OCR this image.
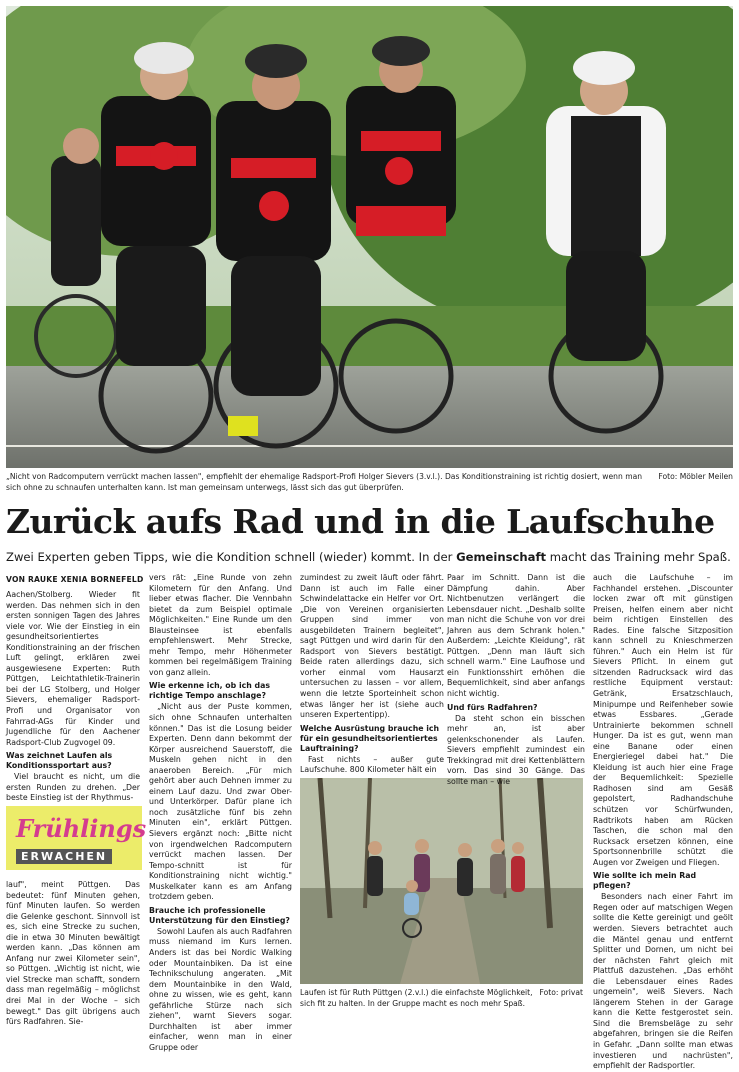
Foto: Möbler Meilen
„Nicht von Radcomputern verrückt machen lassen", empfiehlt der ehemalige Radsport-Profi Holger Sievers (3.v.l.). Das Konditionstraining ist richtig dosiert, wenn man sich ohne zu schnaufen unterhalten kann. Ist man gemeinsam unterwegs, lässt sich das gut überprüfen.
Zurück aufs Rad und in die Laufschuhe
Zwei Experten geben Tipps, wie die Kondition schnell (wieder) kommt. In der Gemeinschaft macht das Training mehr Spaß.
VON RAUKE XENIA BORNEFELD

Aachen/Stolberg. Wieder fit werden. Das nehmen sich in den ersten sonnigen Tagen des Jahres viele vor. Wie der Einstieg in ein gesundheitsorientiertes Konditionstraining an der frischen Luft gelingt, erklären zwei ausgewiesene Experten: Ruth Püttgen, Leichtathletik-Trainerin bei der LG Stolberg, und Holger Sievers, ehemaliger Radsport-Profi und Organisator von Fahrrad-AGs für Kinder und Jugendliche für den Aachener Radsport-Club Zugvogel 09.

Was zeichnet Laufen als Konditionssportart aus?

Viel braucht es nicht, um die ersten Runden zu drehen. „Der beste Einstieg ist der Rhythmus-

Frühlings
ERWACHEN

lauf", meint Püttgen. Das bedeutet: fünf Minuten gehen, fünf Minuten laufen. So werden die Gelenke geschont. Sinnvoll ist es, sich eine Strecke zu suchen, die in etwa 30 Minuten bewältigt werden kann. „Das können am Anfang nur zwei Kilometer sein", so Püttgen. „Wichtig ist nicht, wie viel Strecke man schafft, sondern dass man regelmäßig – möglichst drei Mal in der Woche – sich bewegt." Das gilt übrigens auch fürs Radfahren. Sie-

vers rät: „Eine Runde von zehn Kilometern für den Anfang. Und lieber etwas flacher. Die Vennbahn bietet da zum Beispiel optimale Möglichkeiten." Eine Runde um den Blausteinsee ist ebenfalls empfehlenswert. Mehr Strecke, mehr Tempo, mehr Höhenmeter kommen bei regelmäßigem Training von ganz allein.

Wie erkenne ich, ob ich das richtige Tempo anschlage?

„Nicht aus der Puste kommen, sich ohne Schnaufen unterhalten können." Das ist die Losung beider Experten. Denn dann bekommt der Körper ausreichend Sauerstoff, die Muskeln gehen nicht in den anaeroben Bereich. „Für mich gehört aber auch Dehnen immer zu einem Lauf dazu. Und zwar Ober- und Unterkörper. Dafür plane ich noch zusätzliche fünf bis zehn Minuten ein", erklärt Püttgen. Sievers ergänzt noch: „Bitte nicht von irgendwelchen Radcomputern verrückt machen lassen. Der Tempo-schnitt ist für Konditionstraining nicht wichtig." Muskelkater kann es am Anfang trotzdem geben.

Brauche ich professionelle Unterstützung für den Einstieg?

Sowohl Laufen als auch Radfahren muss niemand im Kurs lernen. Anders ist das bei Nordic Walking oder Mountainbiken. Da ist eine Technikschulung angeraten. „Mit dem Mountainbike in den Wald, ohne zu wissen, wie es geht, kann gefährliche Stürze nach sich ziehen", warnt Sievers sogar. Durchhalten ist aber immer einfacher, wenn man in einer Gruppe oder

zumindest zu zweit läuft oder fährt. Dann ist auch im Falle einer Schwindelattacke ein Helfer vor Ort. „Die von Vereinen organisierten Gruppen sind immer von ausgebildeten Trainern begleitet", sagt Püttgen und wird darin für den Radsport von Sievers bestätigt. Beide raten allerdings dazu, sich vorher einmal vom Hausarzt untersuchen zu lassen – vor allem, wenn die letzte Sporteinheit schon etwas länger her ist (siehe auch unseren Expertentipp).

Welche Ausrüstung brauche ich für ein gesundheitsorientiertes Lauftraining?

Fast nichts – außer gute Laufschuhe. 800 Kilometer hält ein

Foto: privat
Laufen ist für Ruth Püttgen (2.v.l.) die einfachste Möglichkeit, sich fit zu halten. In der Gruppe macht es noch mehr Spaß.

Paar im Schnitt. Dann ist die Dämpfung dahin. Aber Nichtbenutzen verlängert die Lebensdauer nicht. „Deshalb sollte man nicht die Schuhe von vor drei Jahren aus dem Schrank holen." Außerdem: „Leichte Kleidung", rät Püttgen. „Denn man läuft sich schnell warm." Eine Laufhose und ein Funktionsshirt erhöhen die Bequemlichkeit, sind aber anfangs nicht wichtig.

Und fürs Radfahren?

Da steht schon ein bisschen mehr an, ist aber gelenkschonender als Laufen. Sievers empfiehlt zumindest ein Trekkingrad mit drei Kettenblättern vorn. Das sind 30 Gänge. Das sollte man – wie

auch die Laufschuhe – im Fachhandel erstehen. „Discounter locken zwar oft mit günstigen Preisen, helfen einem aber nicht beim richtigen Einstellen des Rades. Eine falsche Sitzposition kann schnell zu Knieschmerzen führen." Auch ein Helm ist für Sievers Pflicht. In einem gut sitzenden Radrucksack wird das restliche Equipment verstaut: Getränk, Ersatzschlauch, Minipumpe und Reifenheber sowie etwas Essbares. „Gerade Untrainierte bekommen schnell Hunger. Da ist es gut, wenn man eine Banane oder einen Energieriegel dabei hat." Die Kleidung ist auch hier eine Frage der Bequemlichkeit: Spezielle Radhosen sind am Gesäß gepolstert, Radhandschuhe schützen vor Schürfwunden, Radtrikots haben am Rücken Taschen, die schon mal den Rucksack ersetzen können, eine Sportsonnenbrille schützt die Augen vor Zweigen und Fliegen.

Wie sollte ich mein Rad pflegen?

Besonders nach einer Fahrt im Regen oder auf matschigen Wegen sollte die Kette gereinigt und geölt werden. Sievers betrachtet auch die Mäntel genau und entfernt Splitter und Dornen, um nicht bei der nächsten Fahrt gleich mit Plattfuß dazustehen. „Das erhöht die Lebensdauer eines Rades ungemein", weiß Sievers. Nach längerem Stehen in der Garage kann die Kette festgerostet sein. Sind die Bremsbeläge zu sehr abgefahren, bringen sie die Reifen in Gefahr. „Dann sollte man etwas investieren und nachrüsten", empfiehlt der Radsportler.
